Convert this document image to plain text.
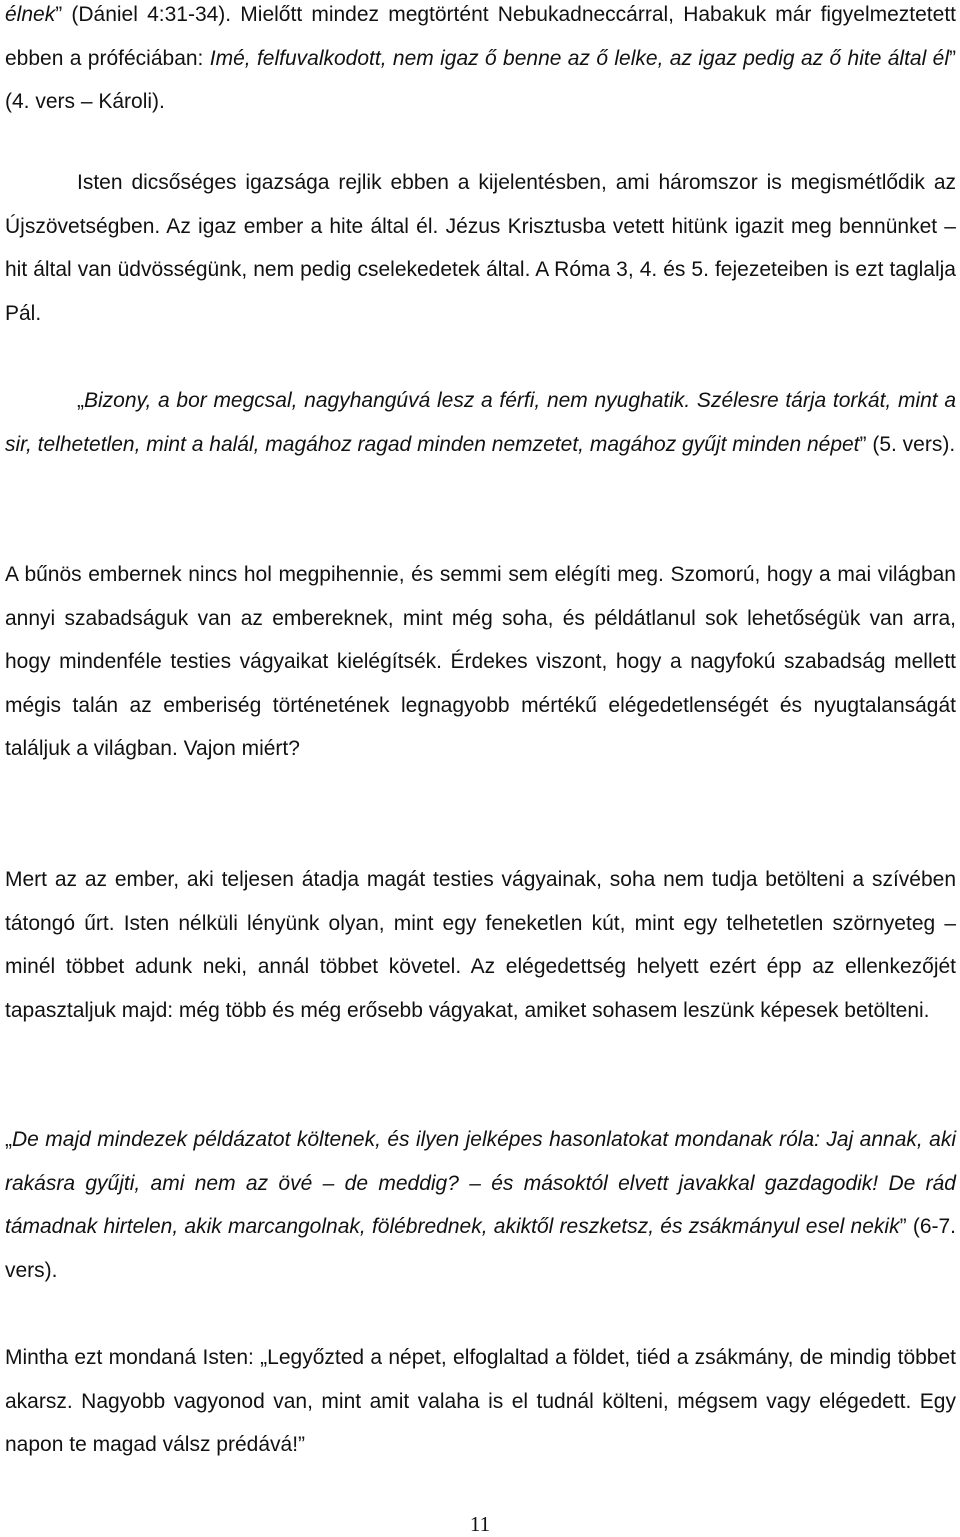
élnek” (Dániel 4:31-34). Mielőtt mindez megtörtént Nebukadneccárral, Habakuk már figyelmeztetett ebben a próféciában: Imé, felfuvalkodott, nem igaz ő benne az ő lelke, az igaz pedig az ő hite által él” (4. vers – Károli).

Isten dicsőséges igazsága rejlik ebben a kijelentésben, ami háromszor is megismétlődik az Újszövetségben. Az igaz ember a hite által él. Jézus Krisztusba vetett hitünk igazit meg bennünket – hit által van üdvösségünk, nem pedig cselekedetek által. A Róma 3, 4. és 5. fejezeteiben is ezt taglalja Pál.

„Bizony, a bor megcsal, nagyhangúvá lesz a férfi, nem nyughatik. Szélesre tárja torkát, mint a sir, telhetetlen, mint a halál, magához ragad minden nemzetet, magához gyűjt minden népet” (5. vers).

A bűnös embernek nincs hol megpihennie, és semmi sem elégíti meg. Szomorú, hogy a mai világban annyi szabadságuk van az embereknek, mint még soha, és példátlanul sok lehetőségük van arra, hogy mindenféle testies vágyaikat kielégítsék. Érdekes viszont, hogy a nagyfokú szabadság mellett mégis talán az emberiség történetének legnagyobb mértékű elégedetlenségét és nyugtalanságát találjuk a világban. Vajon miért?

Mert az az ember, aki teljesen átadja magát testies vágyainak, soha nem tudja betölteni a szívében tátongó űrt. Isten nélküli lényünk olyan, mint egy feneketlen kút, mint egy telhetetlen szörnyeteg – minél többet adunk neki, annál többet követel. Az elégedettség helyett ezért épp az ellenkezőjét tapasztaljuk majd: még több és még erősebb vágyakat, amiket sohasem leszünk képesek betölteni.

„De majd mindezek példázatot költenek, és ilyen jelképes hasonlatokat mondanak róla: Jaj annak, aki rakásra gyűjti, ami nem az övé – de meddig? – és másoktól elvett javakkal gazdagodik! De rád támadnak hirtelen, akik marcangolnak, fölébrednek, akiktől reszketsz, és zsákmányul esel nekik” (6-7. vers).

Mintha ezt mondaná Isten: „Legyőzted a népet, elfoglaltad a földet, tiéd a zsákmány, de mindig többet akarsz. Nagyobb vagyonod van, mint amit valaha is el tudnál költeni, mégsem vagy elégedett. Egy napon te magad válsz prédává!”

11
